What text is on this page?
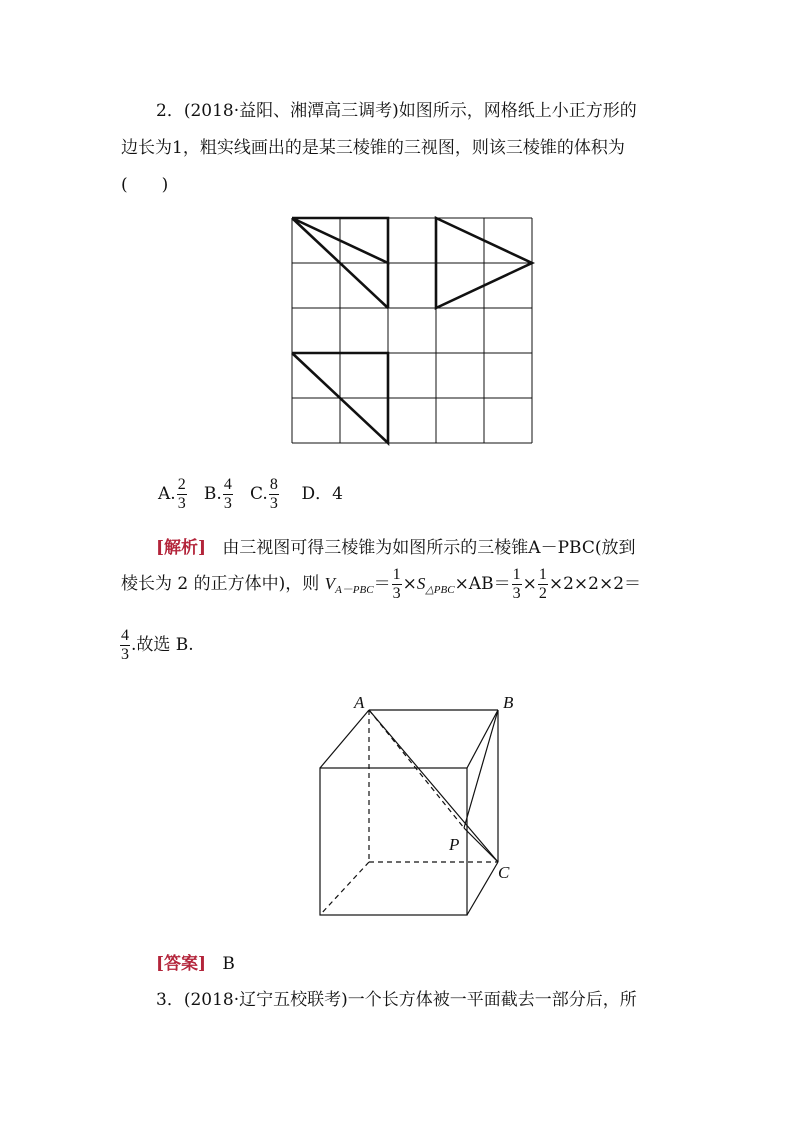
2．(2018·益阳、湘潭高三调考)如图所示，网格纸上小正方形的
边长为1，粗实线画出的是某三棱锥的三视图，则该三棱锥的体积为
(　　)
A. $\frac{2}{3} B$. $\frac{4}{3} C$. $\frac{8}{3}$ D．4
[解析] 由三视图可得三棱锥为如图所示的三棱锥A－PBC(放到
棱长为 2 的正方体中)，则 $V_{A-PBC}= \frac{1}{3} \times S_{\triangle PBC}\times AB= \frac{1}{3} \times \frac{1}{2} \times 2\times 2\times 2=$
$\frac{4}{3}$ .故选 B.
A	B
P
C
[答案] B
3．(2018·辽宁五校联考)一个长方体被一平面截去一部分后，所
